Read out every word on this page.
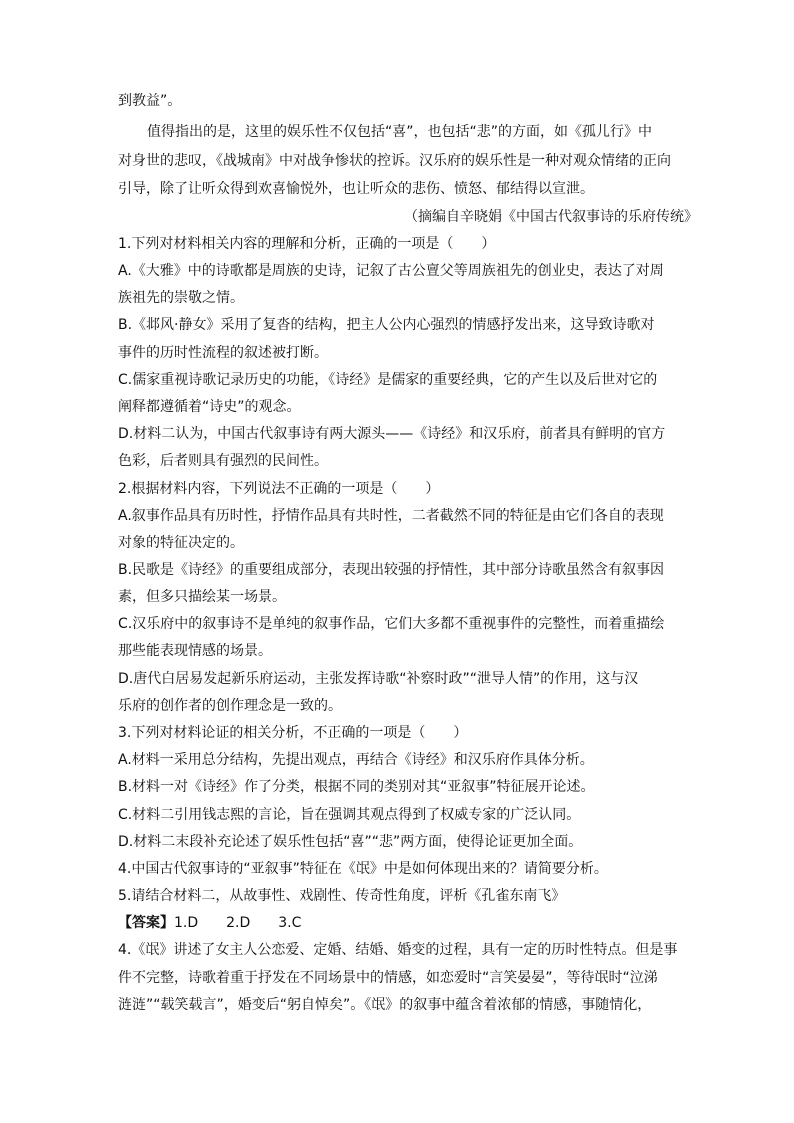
到教益”。

值得指出的是，这里的娱乐性不仅包括“喜”，也包括“悲”的方面，如《孤儿行》中

对身世的悲叹，《战城南》中对战争惨状的控诉。汉乐府的娱乐性是一种对观众情绪的正向

引导，除了让听众得到欢喜愉悦外，也让听众的悲伤、愤怒、郁结得以宣泄。

（摘编自辛晓娟《中国古代叙事诗的乐府传统》

1.下列对材料相关内容的理解和分析，正确的一项是（　　）

A.《大雅》中的诗歌都是周族的史诗，记叙了古公亶父等周族祖先的创业史，表达了对周

族祖先的崇敬之情。

B.《邶风·静女》采用了复沓的结构，把主人公内心强烈的情感抒发出来，这导致诗歌对

事件的历时性流程的叙述被打断。

C.儒家重视诗歌记录历史的功能，《诗经》是儒家的重要经典，它的产生以及后世对它的

阐释都遵循着“诗史”的观念。

D.材料二认为，中国古代叙事诗有两大源头——《诗经》和汉乐府，前者具有鲜明的官方

色彩，后者则具有强烈的民间性。

2.根据材料内容，下列说法不正确的一项是（　　）

A.叙事作品具有历时性，抒情作品具有共时性，二者截然不同的特征是由它们各自的表现

对象的特征决定的。

B.民歌是《诗经》的重要组成部分，表现出较强的抒情性，其中部分诗歌虽然含有叙事因

素，但多只描绘某一场景。

C.汉乐府中的叙事诗不是单纯的叙事作品，它们大多都不重视事件的完整性，而着重描绘

那些能表现情感的场景。

D.唐代白居易发起新乐府运动，主张发挥诗歌“补察时政”“泄导人情”的作用，这与汉

乐府的创作者的创作理念是一致的。

3.下列对材料论证的相关分析，不正确的一项是（　　）

A.材料一采用总分结构，先提出观点，再结合《诗经》和汉乐府作具体分析。

B.材料一对《诗经》作了分类，根据不同的类别对其“亚叙事”特征展开论述。

C.材料二引用钱志熙的言论，旨在强调其观点得到了权威专家的广泛认同。

D.材料二末段补充论述了娱乐性包括“喜”“悲”两方面，使得论证更加全面。

4.中国古代叙事诗的“亚叙事”特征在《氓》中是如何体现出来的？请简要分析。

5.请结合材料二，从故事性、戏剧性、传奇性角度，评析《孔雀东南飞》

【答案】1.D　　2.D　　3.C

4.《氓》讲述了女主人公恋爱、定婚、结婚、婚变的过程，具有一定的历时性特点。但是事

件不完整，诗歌着重于抒发在不同场景中的情感，如恋爱时“言笑晏晏”，等待氓时“泣涕

涟涟”“载笑载言”，婚变后“躬自悼矣”。《氓》的叙事中蕴含着浓郁的情感，事随情化，
